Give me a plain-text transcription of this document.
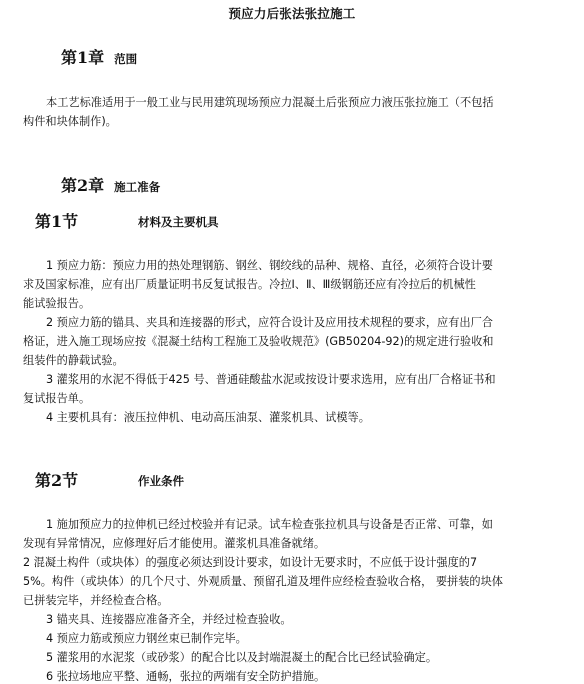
预应力后张法张拉施工
第1章 范围
本工艺标准适用于一般工业与民用建筑现场预应力混凝土后张预应力液压张拉施工（不包括
构件和块体制作)。
第2章 施工准备
第1节	材料及主要机具
1 预应力筋：预应力用的热处理钢筋、钢丝、钢绞线的品种、规格、直径，必须符合设计要
求及国家标准，应有出厂质量证明书反复试报告。冷拉Ⅰ、Ⅱ、Ⅲ级钢筋还应有冷拉后的机械性
能试验报告。
2 预应力筋的锚具、夹具和连接器的形式，应符合设计及应用技术规程的要求，应有出厂合
格证，进入施工现场应按《混凝土结构工程施工及验收规范》(GB50204-92)的规定进行验收和
组装件的静载试验。
3 灌浆用的水泥不得低于425 号、普通硅酸盐水泥或按设计要求选用，应有出厂合格证书和
复试报告单。
4 主要机具有：液压拉伸机、电动高压油泵、灌浆机具、试模等。
第2节	作业条件
1 施加预应力的拉伸机已经过校验并有记录。试车检查张拉机具与设备是否正常、可靠，如
发现有异常情况，应修理好后才能使用。灌浆机具准备就绪。
2 混凝土构件（或块体）的强度必须达到设计要求，如设计无要求时，不应低于设计强度的7
5%。构件（或块体）的几个尺寸、外观质量、预留孔道及埋件应经检查验收合格， 要拼装的块体
已拼装完毕，并经检查合格。
3 锚夹具、连接器应准备齐全，并经过检查验收。
4 预应力筋或预应力钢丝束已制作完毕。
5 灌浆用的水泥浆（或砂浆）的配合比以及封端混凝土的配合比已经试验确定。
6 张拉场地应平整、通畅，张拉的两端有安全防护措施。
